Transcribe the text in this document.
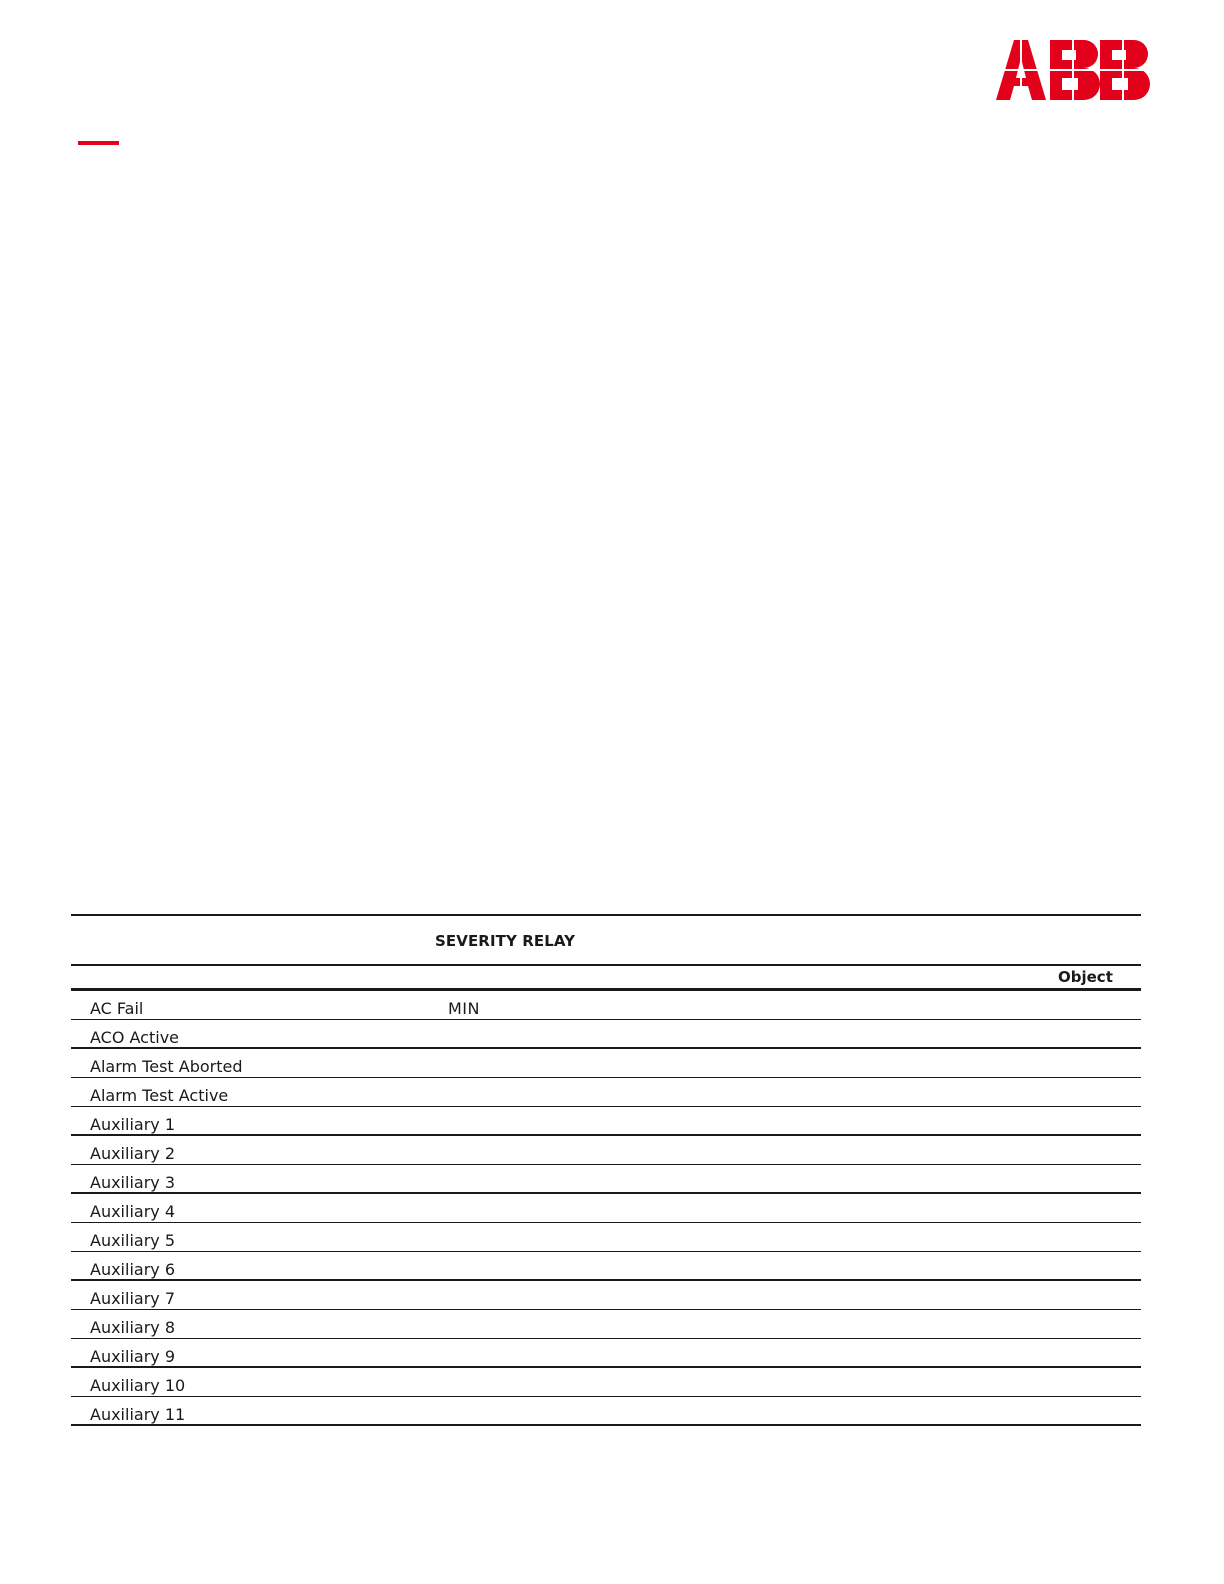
SEVERITY RELAY
Object
AC Fail	MIN
ACO Active
Alarm Test Aborted
Alarm Test Active
Auxiliary 1
Auxiliary 2
Auxiliary 3
Auxiliary 4
Auxiliary 5
Auxiliary 6
Auxiliary 7
Auxiliary 8
Auxiliary 9
Auxiliary 10
Auxiliary 11
